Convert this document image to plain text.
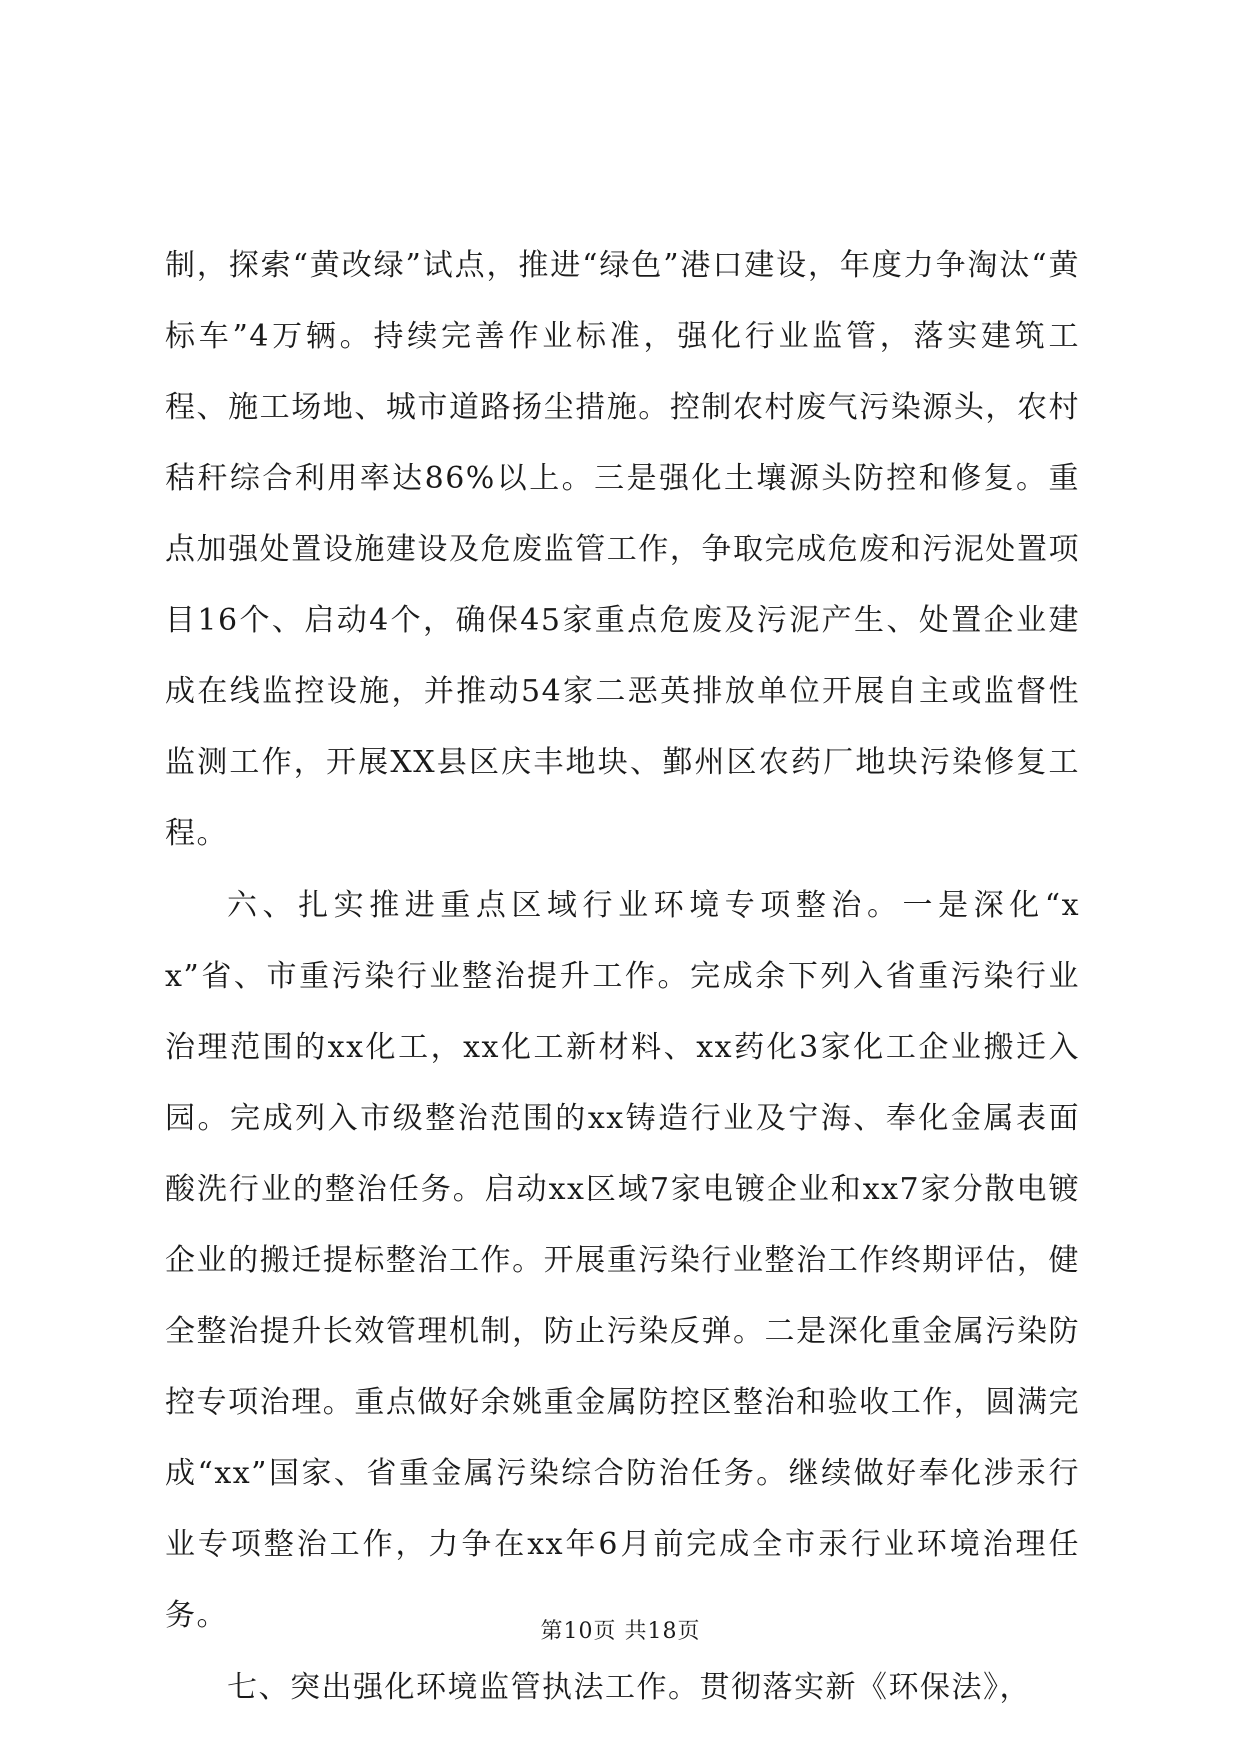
制，探索“黄改绿”试点，推进“绿色”港口建设，年度力争淘汰“黄标车”4万辆。持续完善作业标准，强化行业监管，落实建筑工程、施工场地、城市道路扬尘措施。控制农村废气污染源头，农村秸秆综合利用率达86%以上。三是强化土壤源头防控和修复。重点加强处置设施建设及危废监管工作，争取完成危废和污泥处置项目16个、启动4个，确保45家重点危废及污泥产生、处置企业建成在线监控设施，并推动54家二恶英排放单位开展自主或监督性监测工作，开展XX县区庆丰地块、鄞州区农药厂地块污染修复工程。

六、扎实推进重点区域行业环境专项整治。一是深化“xx”省、市重污染行业整治提升工作。完成余下列入省重污染行业治理范围的xx化工，xx化工新材料、xx药化3家化工企业搬迁入园。完成列入市级整治范围的xx铸造行业及宁海、奉化金属表面酸洗行业的整治任务。启动xx区域7家电镀企业和xx7家分散电镀企业的搬迁提标整治工作。开展重污染行业整治工作终期评估，健全整治提升长效管理机制，防止污染反弹。二是深化重金属污染防控专项治理。重点做好余姚重金属防控区整治和验收工作，圆满完成“xx”国家、省重金属污染综合防治任务。继续做好奉化涉汞行业专项整治工作，力争在xx年6月前完成全市汞行业环境治理任务。

七、突出强化环境监管执法工作。贯彻落实新《环保法》，

第10页 共18页
